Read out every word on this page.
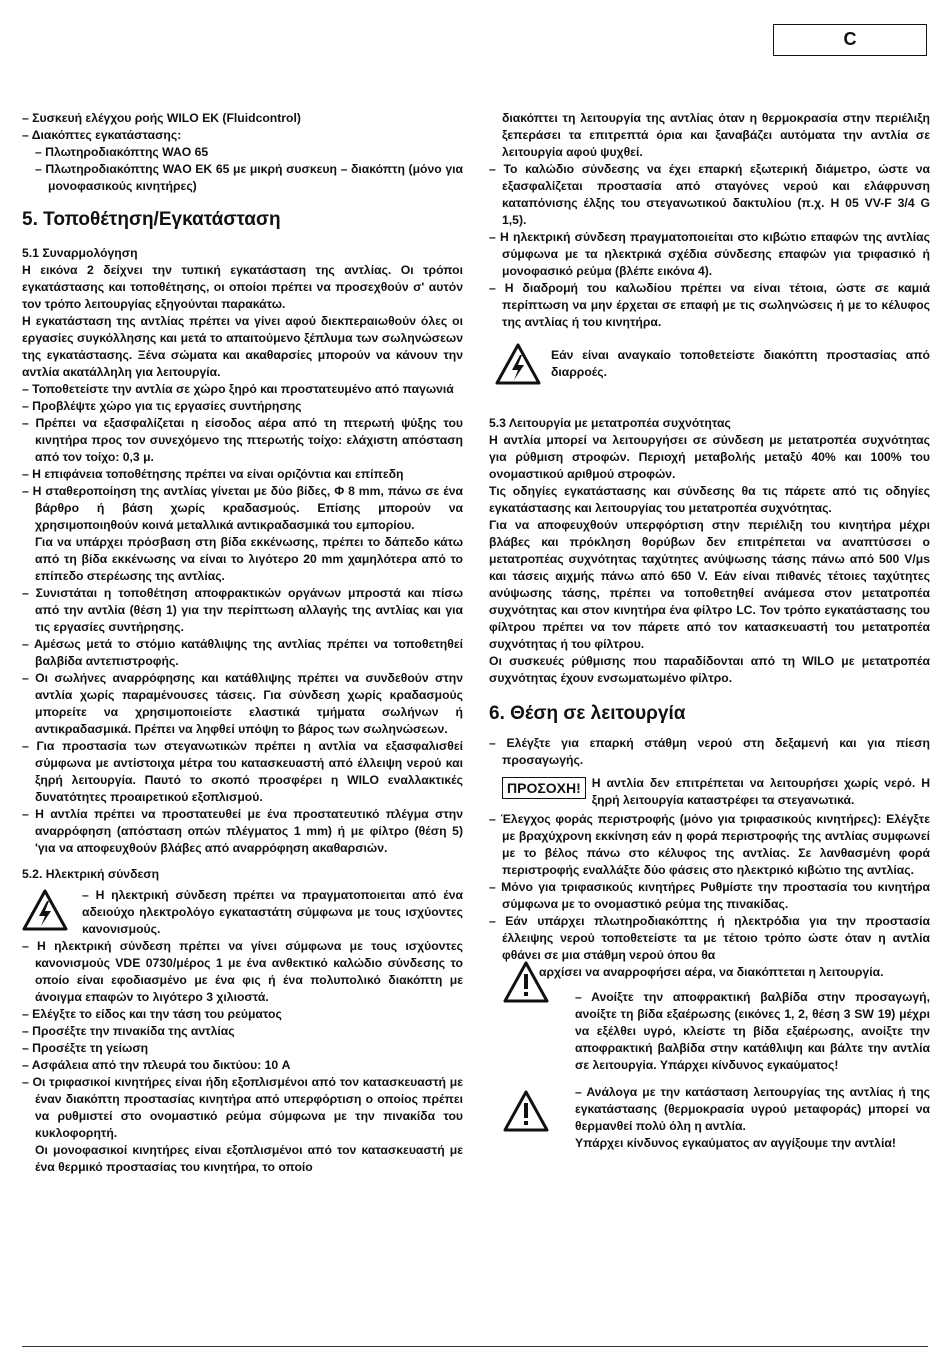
C

– Συσκευή ελέγχου ροής WILO EK (Fluidcontrol)

– Διακόπτες εγκατάστασης:

– Πλωτηροδιακόπτης WAO 65

– Πλωτηροδιακόπτης WAO EK 65 με μικρή συσκευη – διακόπτη (μόνο για μονοφασικούς κινητήρες)

5. Τοποθέτηση/Εγκατάσταση

5.1 Συναρμολόγηση

Η εικόνα 2 δείχνει την τυπική εγκατάσταση της αντλίας. Οι τρόποι εγκατάστασης και τοποθέτησης, οι οποίοι πρέπει να προσεχθούν σ' αυτόν τον τρόπο λειτουργίας εξηγούνται παρακάτω.

Η εγκατάσταση της αντλίας πρέπει να γίνει αφού διεκπεραιωθούν όλες οι εργασίες συγκόλλησης και μετά το απαιτούμενο ξέπλυμα των σωληνώσεων της εγκατάστασης. Ξένα σώματα και ακαθαρσίες μπορούν να κάνουν την αντλία ακατάλληλη για λειτουργία.

– Τοποθετείστε την αντλία σε χώρο ξηρό και προστατευμένο από παγωνιά

– Προβλέψτε χώρο για τις εργασίες συντήρησης

– Πρέπει να εξασφαλίζεται η είσοδος αέρα από τη πτερωτή ψύξης του κινητήρα προς τον συνεχόμενο της πτερωτής τοίχο: ελάχιστη απόσταση από τον τοίχο: 0,3 μ.

– Η επιφάνεια τοποθέτησης πρέπει να είναι οριζόντια και επίπεδη

– Η σταθεροποίηση της αντλίας γίνεται με δύο βίδες, Φ 8 mm, πάνω σε ένα βάρθρο ή βάση χωρίς κραδασμούς. Επίσης μπορούν να χρησιμοποιηθούν κοινά μεταλλικά αντικραδασμικά του εμπορίου.

Για να υπάρχει πρόσβαση στη βίδα εκκένωσης, πρέπει το δάπεδο κάτω από τη βίδα εκκένωσης να είναι το λιγότερο 20 mm χαμηλότερα από το επίπεδο στερέωσης της αντλίας.

– Συνιστάται η τοποθέτηση αποφρακτικών οργάνων μπροστά και πίσω από την αντλία (θέση 1) για την περίπτωση αλλαγής της αντλίας και για τις εργασίες συντήρησης.

– Αμέσως μετά το στόμιο κατάθλιψης της αντλίας πρέπει να τοποθετηθεί βαλβίδα αντεπιστροφής.

– Οι σωλήνες αναρρόφησης και κατάθλιψης πρέπει να συνδεθούν στην αντλία χωρίς παραμένουσες τάσεις. Για σύνδεση χωρίς κραδασμούς μπορείτε να χρησιμοποιείστε ελαστικά τμήματα σωλήνων ή αντικραδασμικά. Πρέπει να ληφθεί υπόψη το βάρος των σωληνώσεων.

– Για προστασία των στεγανωτικών πρέπει η αντλία να εξασφαλισθεί σύμφωνα με αντίστοιχα μέτρα του κατασκευαστή από έλλειψη νερού και ξηρή λειτουργία. Παυτό το σκοπό προσφέρει η WILO εναλλακτικές δυνατότητες προαιρετικού εξοπλισμού.

– Η αντλία πρέπει να προστατευθεί με ένα προστατευτικό πλέγμα στην αναρρόφηση (απόσταση οπών πλέγματος 1 mm) ή με φίλτρο (θέση 5) 'για να αποφευχθούν βλάβες από αναρρόφηση ακαθαρσιών.

5.2. Ηλεκτρική σύνδεση

– Η ηλεκτρική σύνδεση πρέπει να πραγματοποιειται από ένα αδειούχο ηλεκτρολόγο εγκαταστάτη σύμφωνα με τους ισχύοντες κανονισμούς.

– Η ηλεκτρική σύνδεση πρέπει να γίνει σύμφωνα με τους ισχύοντες κανονισμούς VDE 0730/μέρος 1 με ένα ανθεκτικό καλώδιο σύνδεσης το οποίο είναι εφοδιασμένο με ένα φις ή ένα πολυπολικό διακόπτη με άνοιγμα επαφών το λιγότερο 3 χιλιοστά.

– Ελέγξτε το είδος και την τάση του ρεύματος

– Προσέξτε την πινακίδα της αντλίας

– Προσέξτε τη γείωση

– Ασφάλεια από την πλευρά του δικτύου: 10 A

– Οι τριφασικοί κινητήρες είναι ήδη εξοπλισμένοι από τον κατασκευαστή με έναν διακόπτη προστασίας κινητήρα από υπερφόρτιση ο οποίος πρέπει να ρυθμιστεί στο ονομαστικό ρεύμα σύμφωνα με την πινακίδα του κυκλοφορητή.

Οι μονοφασικοί κινητήρες είναι εξοπλισμένοι από τον κατασκευαστή με ένα θερμικό προστασίας του κινητήρα, το οποίο

διακόπτει τη λειτουργία της αντλίας όταν η θερμοκρασία στην περιέλιξη ξεπεράσει τα επιτρεπτά όρια και ξαναβάζει αυτόματα την αντλία σε λειτουργία αφού ψυχθεί.

– Το καλώδιο σύνδεσης να έχει επαρκή εξωτερική διάμετρο, ώστε να εξασφαλίζεται προστασία από σταγόνες νερού και ελάφρυνση καταπόνισης έλξης του στεγανωτικού δακτυλίου (π.χ. H 05 VV-F 3/4 G 1,5).

– Η ηλεκτρική σύνδεση πραγματοποιείται στο κιβώτιο επαφών της αντλίας σύμφωνα με τα ηλεκτρικά σχέδια σύνδεσης επαφών για τριφασικό ή μονοφασικό ρεύμα (βλέπε εικόνα 4).

– Η διαδρομή του καλωδίου πρέπει να είναι τέτοια, ώστε σε καμιά περίπτωση να μην έρχεται σε επαφή με τις σωληνώσεις ή με το κέλυφος της αντλίας ή του κινητήρα.

Εάν είναι αναγκαίο τοποθετείστε διακόπτη προστασίας από διαρροές.

5.3 Λειτουργία με μετατροπέα συχνότητας

Η αντλία μπορεί να λειτουργήσει σε σύνδεση με μετατροπέα συχνότητας για ρύθμιση στροφών. Περιοχή μεταβολής μεταξύ 40% και 100% του ονομαστικού αριθμού στροφών.

Τις οδηγίες εγκατάστασης και σύνδεσης θα τις πάρετε από τις οδηγίες εγκατάστασης και λειτουργίας του μετατροπέα συχνότητας.

Για να αποφευχθούν υπερφόρτιση στην περιέλιξη του κινητήρα μέχρι βλάβες και πρόκληση θορύβων δεν επιτρέπεται να αναπτύσσει ο μετατροπέας συχνότητας ταχύτητες ανύψωσης τάσης πάνω από 500 V/μs και τάσεις αιχμής πάνω από 650 V. Εάν είναι πιθανές τέτοιες ταχύτητες ανύψωσης τάσης, πρέπει να τοποθετηθεί ανάμεσα στον μετατροπέα συχνότητας και στον κινητήρα ένα φίλτρο LC. Τον τρόπο εγκατάστασης του φίλτρου πρέπει να τον πάρετε από τον κατασκευαστή του μετατροπέα συχνότητας ή του φίλτρου.

Οι συσκευές ρύθμισης που παραδίδονται από τη WILO με μετατροπέα συχνότητας έχουν ενσωματωμένο φίλτρο.

6. Θέση σε λειτουργία

– Ελέγξτε για επαρκή στάθμη νερού στη δεξαμενή και για πίεση προσαγωγής.

ΠΡΟΣΟΧΗ! Η αντλία δεν επιτρέπεται να λειτουρήσει χωρίς νερό. Η ξηρή λειτουργία καταστρέφει τα στεγανωτικά.

– Έλεγχος φοράς περιστροφής (μόνο για τριφασικούς κινητήρες): Ελέγξτε με βραχύχρονη εκκίνηση εάν η φορά περιστροφής της αντλίας συμφωνεί με το βέλος πάνω στο κέλυφος της αντλίας. Σε λανθασμένη φορά περιστροφής εναλλάξτε δύο φάσεις στο ηλεκτρικό κιβώτιο της αντλίας.

– Μόνο για τριφασικούς κινητήρες Ρυθμίστε την προστασία του κινητήρα σύμφωνα με το ονομαστικό ρεύμα της πινακίδας.

– Εάν υπάρχει πλωτηροδιακόπτης ή ηλεκτρόδια για την προστασία έλλειψης νερού τοποθετείστε τα με τέτοιο τρόπο ώστε όταν η αντλία φθάνει σε μια στάθμη νερού όπου θα

αρχίσει να αναρροφήσει αέρα, να διακόπτεται η λειτουργία.

– Ανοίξτε την αποφρακτική βαλβίδα στην προσαγωγή, ανοίξτε τη βίδα εξαέρωσης (εικόνες 1, 2, θέση 3 SW 19) μέχρι να εξέλθει υγρό, κλείστε τη βίδα εξαέρωσης, ανοίξτε την αποφρακτική βαλβίδα στην κατάθλιψη και βάλτε την αντλία σε λειτουργία. Υπάρχει κίνδυνος εγκαύματος!

– Ανάλογα με την κατάσταση λειτουργίας της αντλίας ή της εγκατάστασης (θερμοκρασία υγρού μεταφοράς) μπορεί να θερμανθεί πολύ όλη η αντλία.

Υπάρχει κίνδυνος εγκαύματος αν αγγίξουμε την αντλία!
